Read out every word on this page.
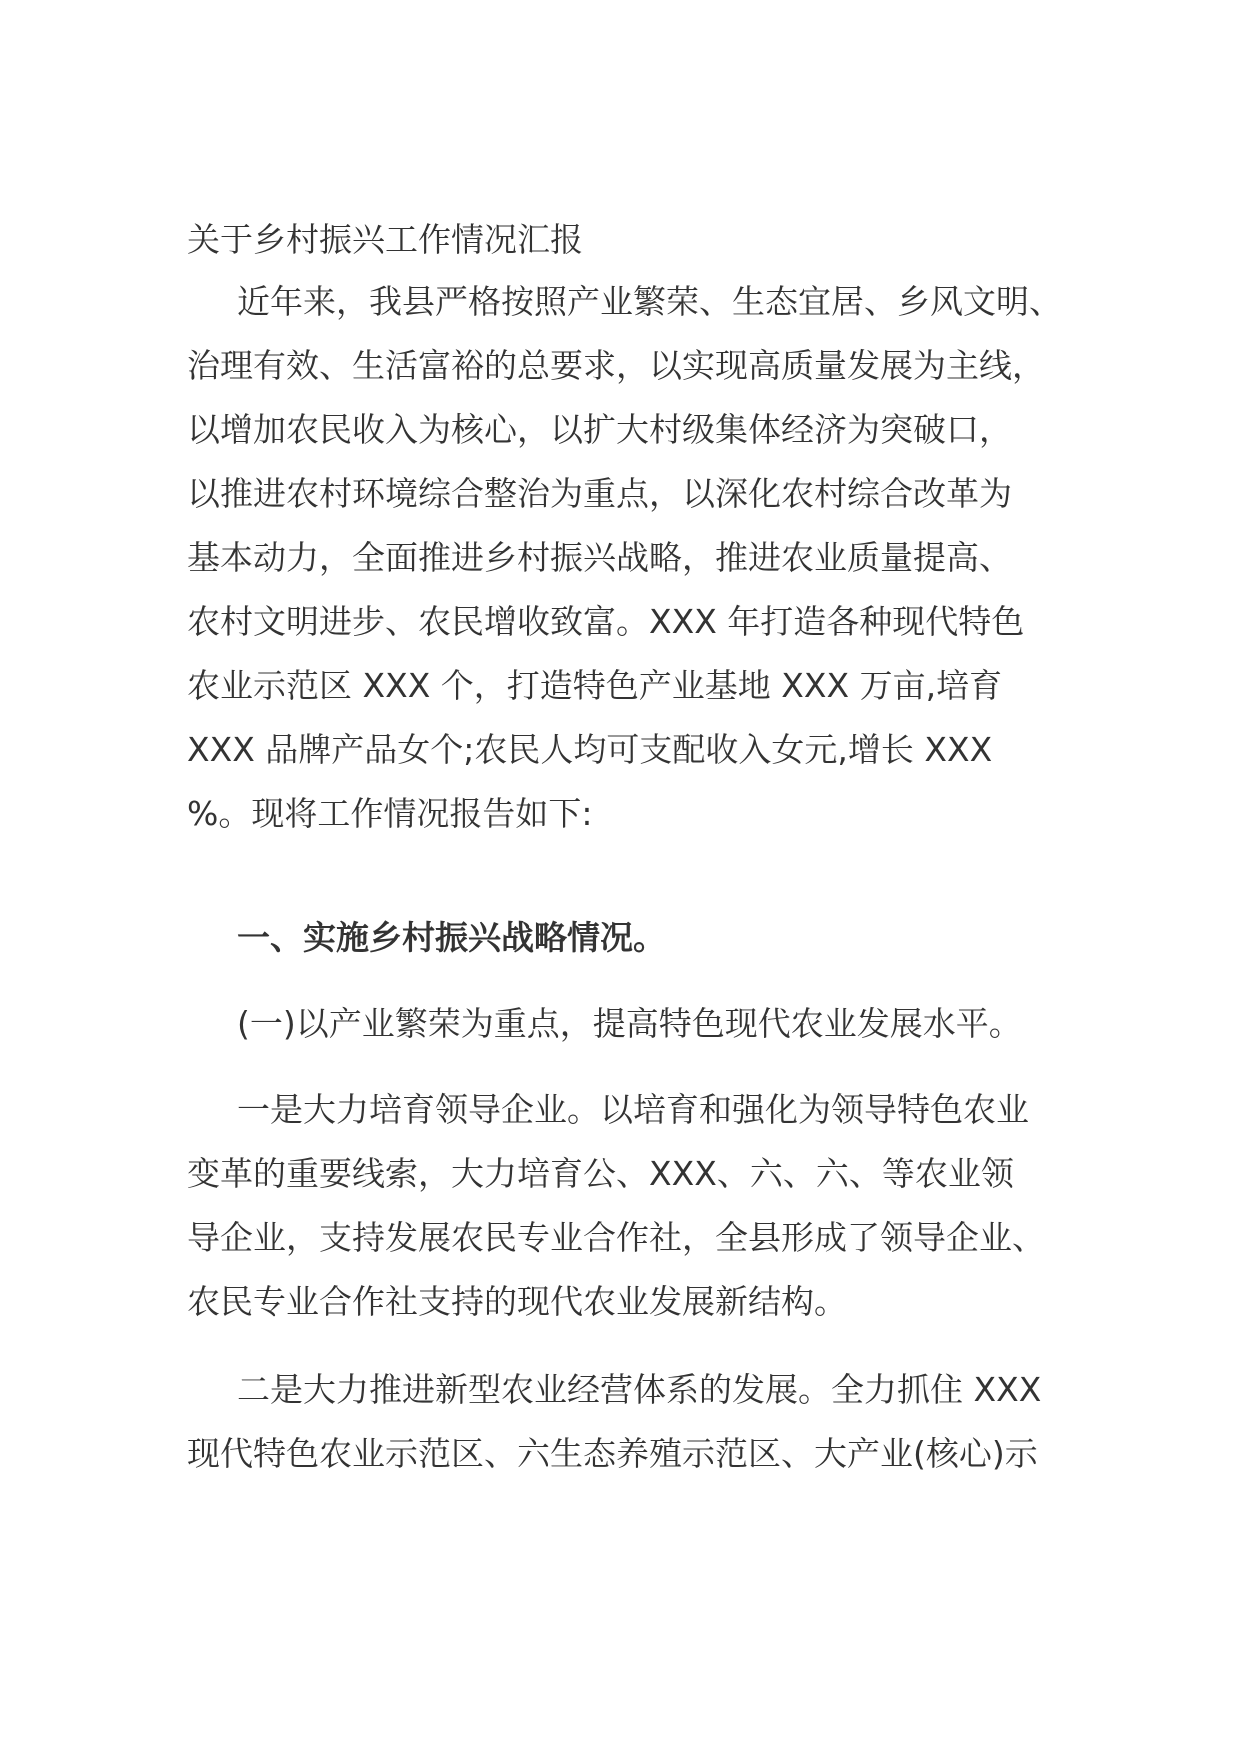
关于乡村振兴工作情况汇报
近年来，我县严格按照产业繁荣、生态宜居、乡风文明、
治理有效、生活富裕的总要求，以实现高质量发展为主线，
以增加农民收入为核心，以扩大村级集体经济为突破口，
以推进农村环境综合整治为重点，以深化农村综合改革为
基本动力，全面推进乡村振兴战略，推进农业质量提高、
农村文明进步、农民增收致富。XXX 年打造各种现代特色
农业示范区 XXX 个，打造特色产业基地 XXX 万亩,培育
XXX 品牌产品女个;农民人均可支配收入女元,增长 XXX
%。现将工作情况报告如下:
一、实施乡村振兴战略情况。
(一)以产业繁荣为重点，提高特色现代农业发展水平。
一是大力培育领导企业。以培育和强化为领导特色农业
变革的重要线索，大力培育公、XXX、六、六、等农业领
导企业，支持发展农民专业合作社，全县形成了领导企业、
农民专业合作社支持的现代农业发展新结构。
二是大力推进新型农业经营体系的发展。全力抓住 XXX
现代特色农业示范区、六生态养殖示范区、大产业(核心)示
